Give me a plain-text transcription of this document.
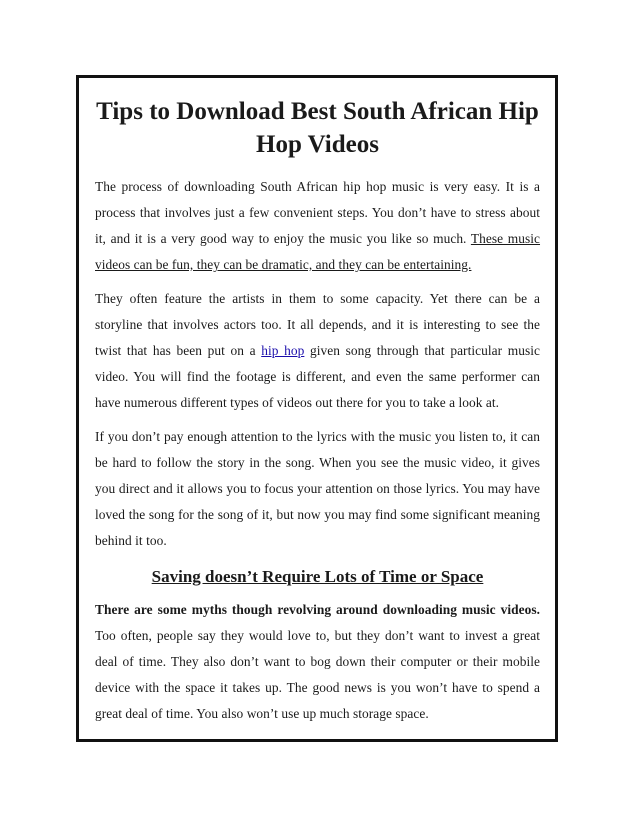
Tips to Download Best South African Hip Hop Videos

The process of downloading South African hip hop music is very easy. It is a process that involves just a few convenient steps. You don’t have to stress about it, and it is a very good way to enjoy the music you like so much. These music videos can be fun, they can be dramatic, and they can be entertaining.

They often feature the artists in them to some capacity. Yet there can be a storyline that involves actors too. It all depends, and it is interesting to see the twist that has been put on a hip hop given song through that particular music video. You will find the footage is different, and even the same performer can have numerous different types of videos out there for you to take a look at.

If you don’t pay enough attention to the lyrics with the music you listen to, it can be hard to follow the story in the song. When you see the music video, it gives you direct and it allows you to focus your attention on those lyrics. You may have loved the song for the song of it, but now you may find some significant meaning behind it too.

Saving doesn’t Require Lots of Time or Space

There are some myths though revolving around downloading music videos. Too often, people say they would love to, but they don’t want to invest a great deal of time. They also don’t want to bog down their computer or their mobile device with the space it takes up. The good news is you won’t have to spend a great deal of time. You also won’t use up much storage space.
